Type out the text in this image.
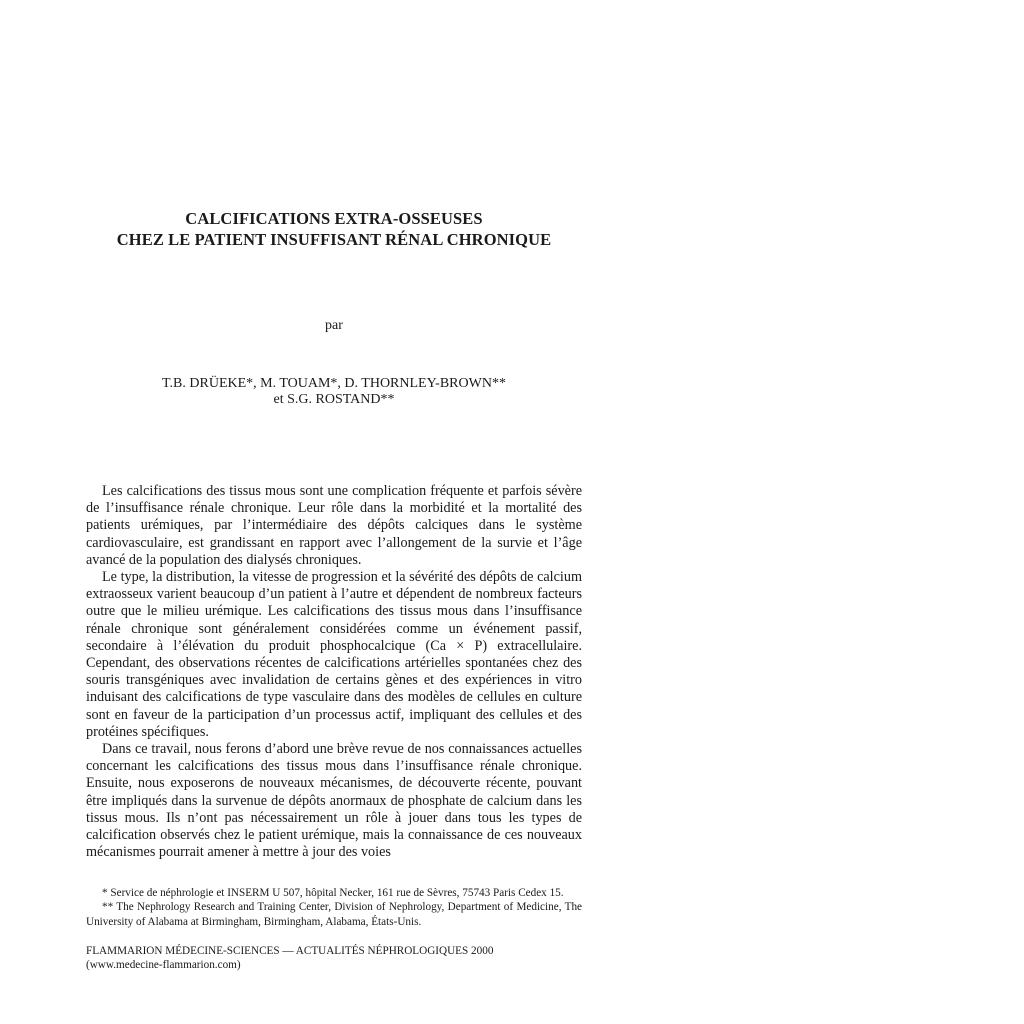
CALCIFICATIONS EXTRA-OSSEUSES
CHEZ LE PATIENT INSUFFISANT RÉNAL CHRONIQUE
par
T.B. DRÜEKE*, M. TOUAM*, D. THORNLEY-BROWN**
et S.G. ROSTAND**

Les calcifications des tissus mous sont une complication fréquente et parfois sévère de l’insuffisance rénale chronique. Leur rôle dans la morbidité et la mortalité des patients urémiques, par l’intermédiaire des dépôts calciques dans le système cardiovasculaire, est grandissant en rapport avec l’allongement de la survie et l’âge avancé de la population des dialysés chroniques.

Le type, la distribution, la vitesse de progression et la sévérité des dépôts de calcium extraosseux varient beaucoup d’un patient à l’autre et dépendent de nombreux facteurs outre que le milieu urémique. Les calcifications des tissus mous dans l’insuffisance rénale chronique sont généralement considérées comme un événement passif, secondaire à l’élévation du produit phosphocalcique (Ca × P) extracellulaire. Cependant, des observations récentes de calcifications artérielles spontanées chez des souris transgéniques avec invalidation de certains gènes et des expériences in vitro induisant des calcifications de type vasculaire dans des modèles de cellules en culture sont en faveur de la participation d’un processus actif, impliquant des cellules et des protéines spécifiques.

Dans ce travail, nous ferons d’abord une brève revue de nos connaissances actuelles concernant les calcifications des tissus mous dans l’insuffisance rénale chronique. Ensuite, nous exposerons de nouveaux mécanismes, de découverte récente, pouvant être impliqués dans la survenue de dépôts anormaux de phosphate de calcium dans les tissus mous. Ils n’ont pas nécessairement un rôle à jouer dans tous les types de calcification observés chez le patient urémique, mais la connaissance de ces nouveaux mécanismes pourrait amener à mettre à jour des voies

* Service de néphrologie et INSERM U 507, hôpital Necker, 161 rue de Sèvres, 75743 Paris Cedex 15.

** The Nephrology Research and Training Center, Division of Nephrology, Department of Medicine, The University of Alabama at Birmingham, Birmingham, Alabama, États-Unis.

FLAMMARION MÉDECINE-SCIENCES — ACTUALITÉS NÉPHROLOGIQUES 2000
(www.medecine-flammarion.com)
